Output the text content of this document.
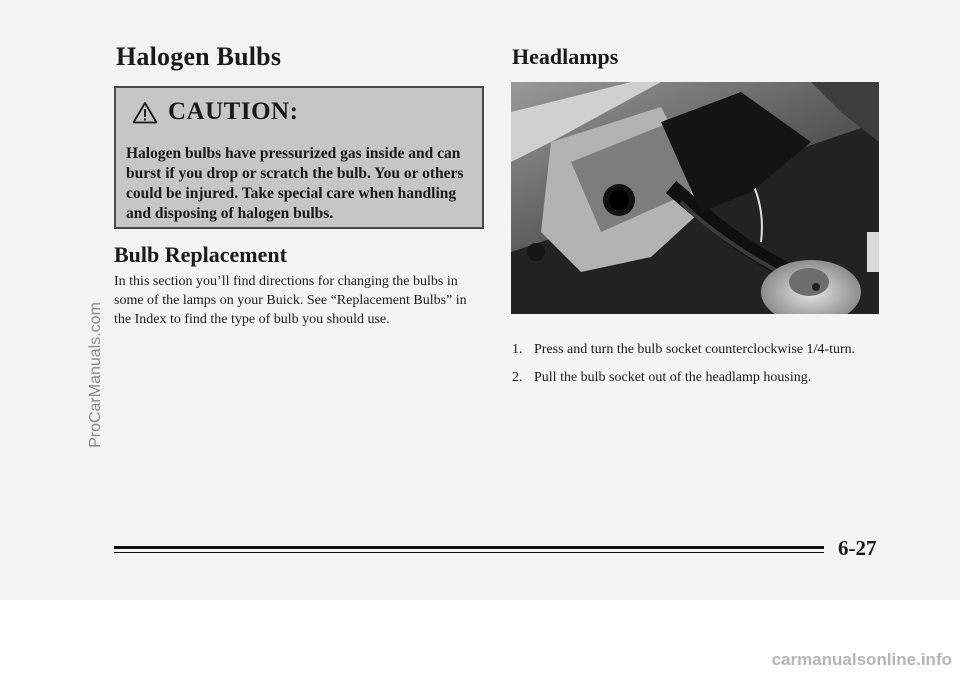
Halogen Bulbs
CAUTION:

Halogen bulbs have pressurized gas inside and can burst if you drop or scratch the bulb. You or others could be injured. Take special care when handling and disposing of halogen bulbs.

Bulb Replacement

In this section you’ll find directions for changing the bulbs in some of the lamps on your Buick. See “Replacement Bulbs” in the Index to find the type of bulb you should use.

Headlamps
1. Press and turn the bulb socket counterclockwise 1/4-turn.
2. Pull the bulb socket out of the headlamp housing.
6-27
ProCarManuals.com
carmanualsonline.info
